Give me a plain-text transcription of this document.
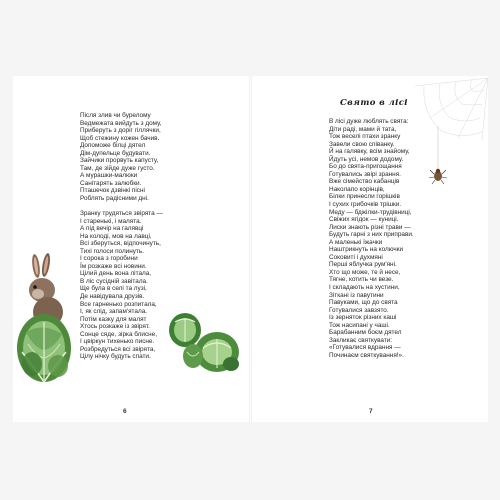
Після злив чи бурелому
Ведмежата вийдуть з дому,
Приберуть з доріг гіллячки,
Щоб стежину кожен бачив.
Допоможе білці дятел
Дім-дупельце будувати.
Зайчики прорвуть капусту,
Там, де зійде дуже густо.
А мурашки-малюки
Санітарять залюбки.
Пташечок дзвінкі пісні
Роблять радісними дні.
Зранку трудяться звірята —
І старенькі, і малята.
А під вечір на галявці
На колоді, мов на лавці,
Всі зберуться, відпочинуть,
Тихі голоси полинуть.
І сорока з горобини
Їм розкаже всі новини.
Цілий день вона літала,
В ліс сусідній завітала.
Ще була в селі та лузі,
Де навідувала друзів.
Все гарненько розпитала,
І, як слід, запам'ятала.
Потім казку для малят
Хтось розкаже із звірят.
Сонце сяде, зірка блисне,
І цвіркун тихенько писне.
Розбредуться всі звірята,
Цілу нічку будуть спати.
Свято в лісі
В лісі дуже люблять свята:
Діти раді, мами й тата,
Тож веселі птахи зранку
Завели свою співанку.
Й на галявку, всім знайому,
Йдуть усі, немов додому.
Бо до свята-пригощання
Готувались звірі зрання.
Вже сімейство кабанців
Наколапо корінців,
Білки принесли горішків
І сухих грибочків трішки.
Меду — бджілки-трудівниці,
Свіжих ягідок — куниці.
Лиски знають різні трави —
Будуть гарні з них приправи.
А маленькі їжачки
Наштрикнуть на колючки
Соковиті і духмяні
Перші яблучка рум'яні.
Хто що може, те й несе,
Тягне, котить чи везе.
І складають на хустини,
Зіткані із павутини
Павуками, що до свята
Готувалися завзято.
Із зерняток різних каші
Тож насипані у чаші.
Барабанним боєм дятел
Закликає святкувати:
«Готувалися вдрання —
Починаєм святкування!».
6	7
